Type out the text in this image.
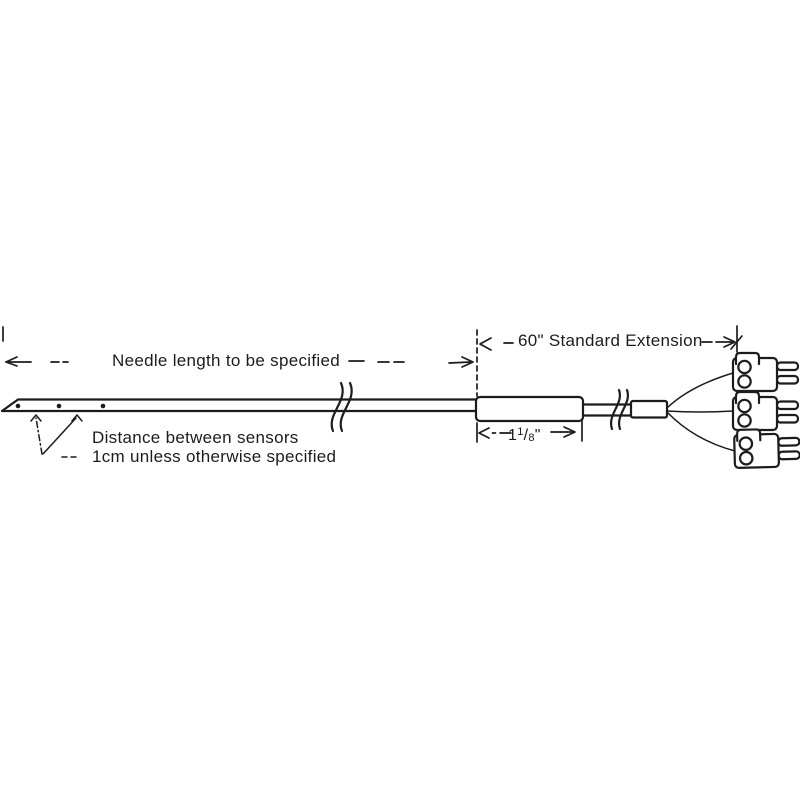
Needle length to be specified
60" Standard Extension
Distance between sensors
1cm unless otherwise specified
$1^1/8$"
